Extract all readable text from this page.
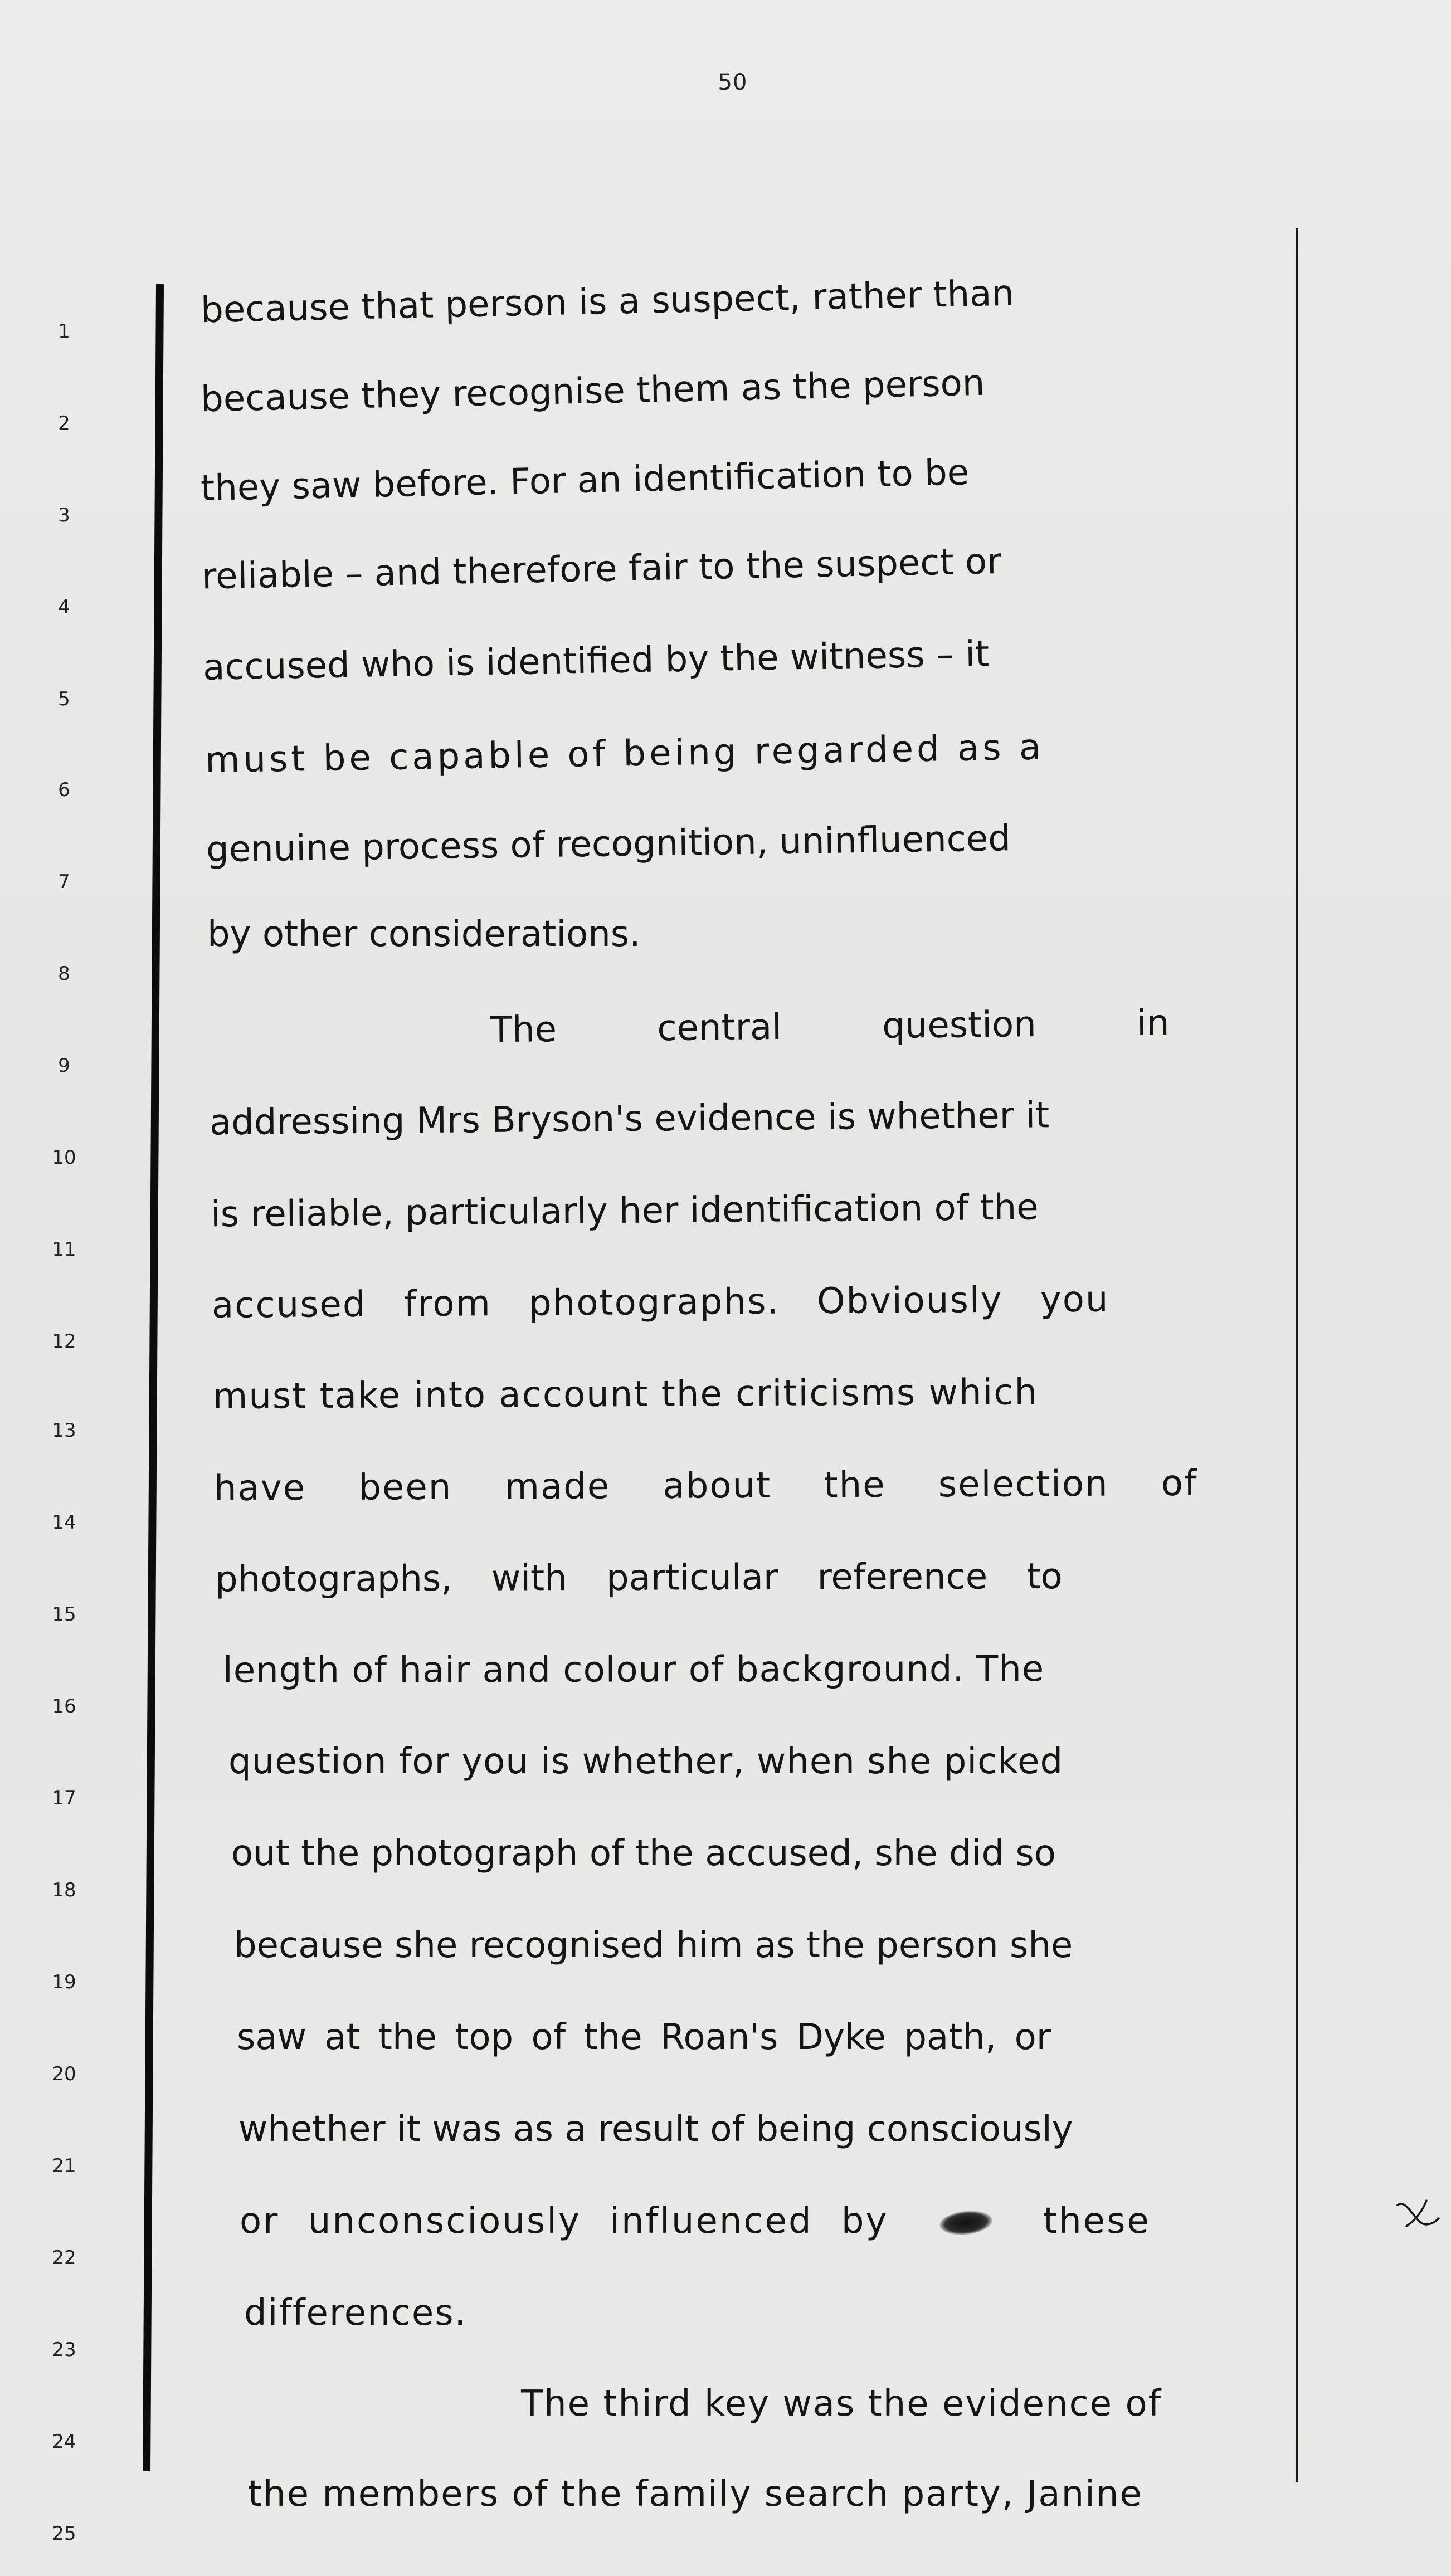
50
1
2
3
4
5
6
7
8
9
10
11
12
13
14
15
16
17
18
19
20
21
22
23
24
25
because that person is a suspect, rather than
because they recognise them as the person
they saw before. For an identification to be
reliable – and therefore fair to the suspect or
accused who is identified by the witness – it
must be capable of being regarded as a
genuine process of recognition, uninfluenced
by other considerations.
The central question in
addressing Mrs Bryson's evidence is whether it
is reliable, particularly her identification of the
accused from photographs. Obviously you
must take into account the criticisms which
have been made about the selection of
photographs, with particular reference to
length of hair and colour of background. The
question for you is whether, when she picked
out the photograph of the accused, she did so
because she recognised him as the person she
saw at the top of the Roan's Dyke path, or
whether it was as a result of being consciously
or unconsciously influenced by	these
differences.
The third key was the evidence of
the members of the family search party, Janine
